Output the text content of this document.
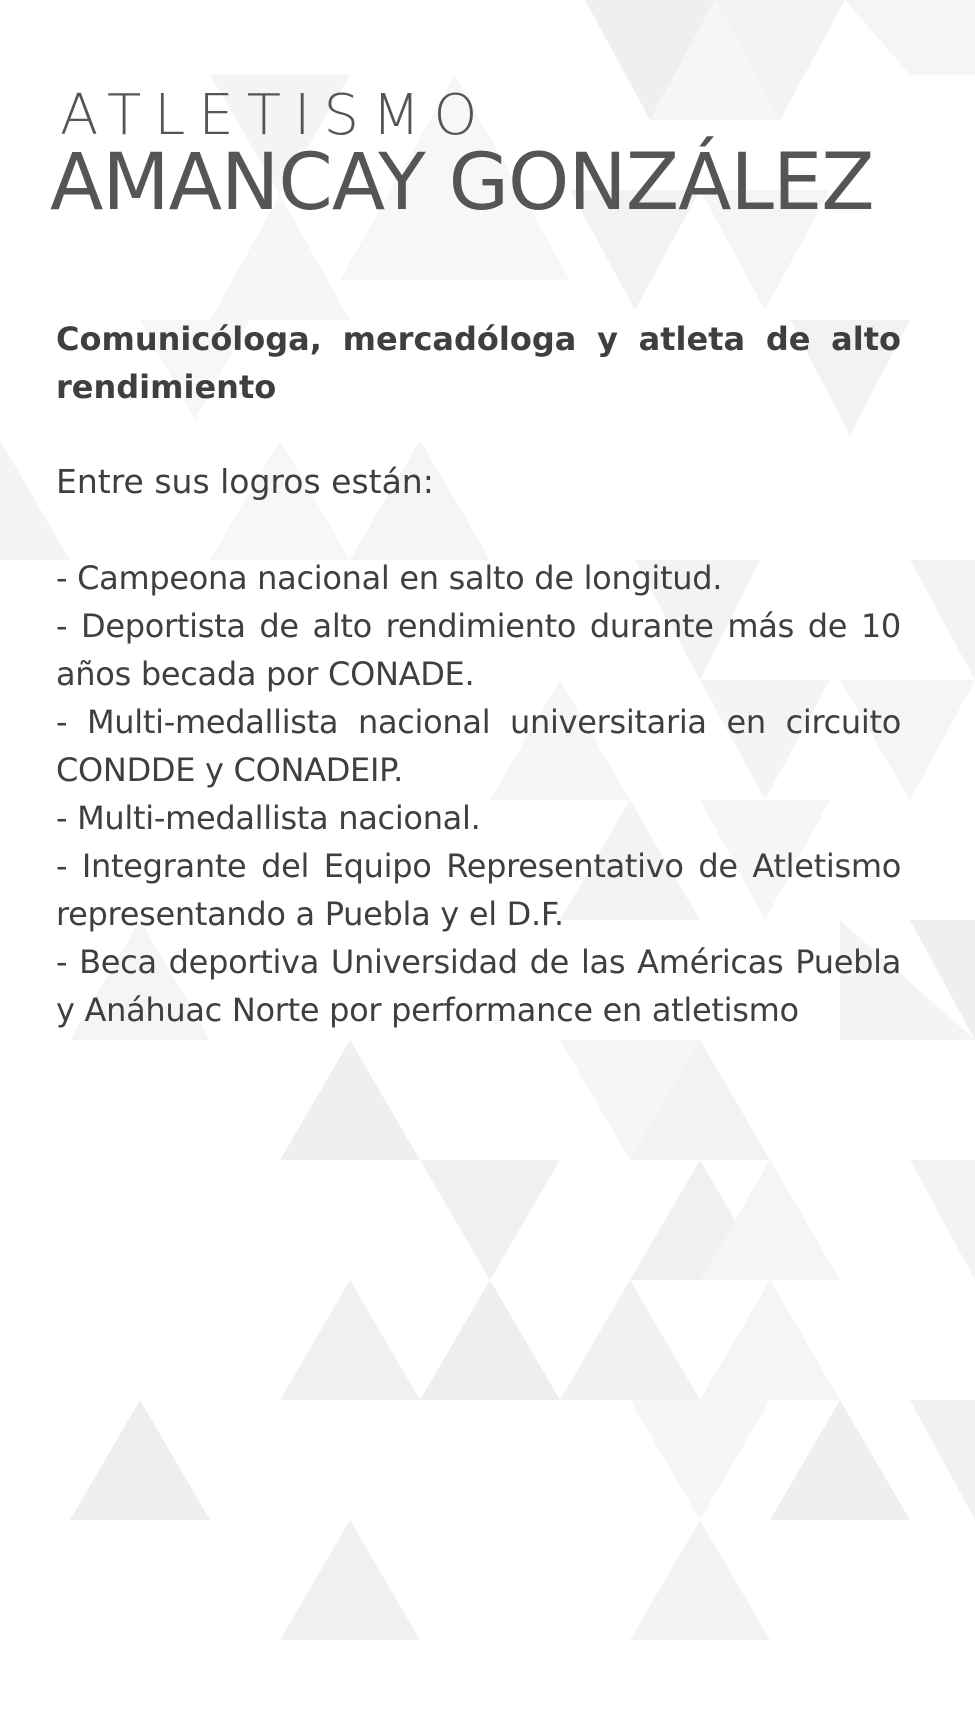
ATLETISMO
AMANCAY GONZÁLEZ
Comunicóloga, mercadóloga y atleta de alto rendimiento
Entre sus logros están:
- Campeona nacional en salto de longitud.
- Deportista de alto rendimiento durante más de 10 años becada por CONADE.
- Multi-medallista nacional universitaria en circuito CONDDE y CONADEIP.
- Multi-medallista nacional.
- Integrante del Equipo Representativo de Atletismo representando a Puebla y el D.F.
- Beca deportiva Universidad de las Américas Puebla y Anáhuac Norte por performance en atletismo
